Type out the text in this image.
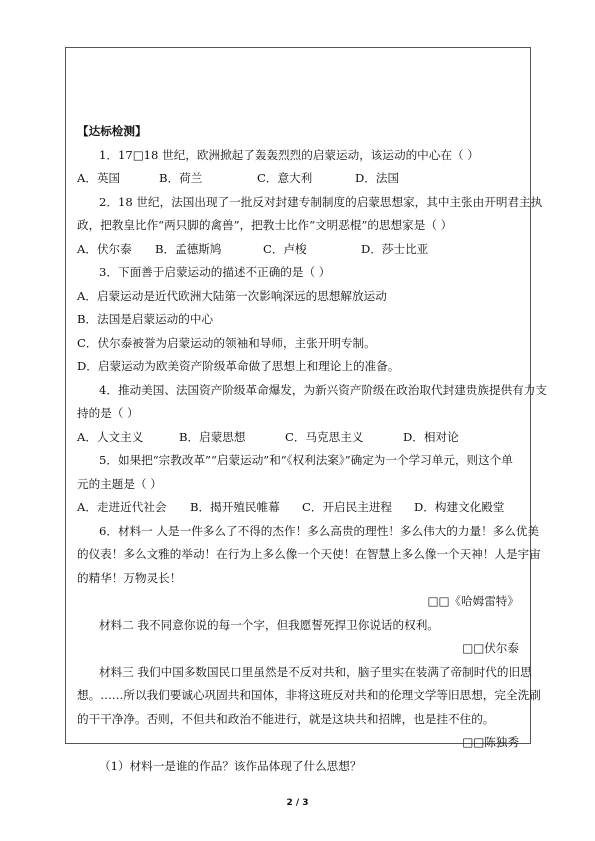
【达标检测】

1．17□18 世纪，欧洲掀起了轰轰烈烈的启蒙运动，该运动的中心在（ ）

A．英国	B．荷兰	C．意大利	D．法国

2．18 世纪，法国出现了一批反对封建专制制度的启蒙思想家，其中主张由开明君主执

政，把教皇比作“两只脚的禽兽”，把教士比作“文明恶棍”的思想家是（ ）

A．伏尔泰 B．孟德斯鸠	C．卢梭	D．莎士比亚

3．下面善于启蒙运动的描述不正确的是（ ）

A．启蒙运动是近代欧洲大陆第一次影响深远的思想解放运动

B．法国是启蒙运动的中心

C．伏尔泰被誉为启蒙运动的领袖和导师，主张开明专制。

D．启蒙运动为欧美资产阶级革命做了思想上和理论上的准备。

4．推动美国、法国资产阶级革命爆发，为新兴资产阶级在政治取代封建贵族提供有力支

持的是（ ）

A．人文主义	B．启蒙思想	C．马克思主义	D．相对论

5．如果把“宗教改革”“启蒙运动”和“《权利法案》”确定为一个学习单元，则这个单

元的主题是（ ）

A．走进近代社会 B．揭开殖民帷幕 C．开启民主进程 D．构建文化殿堂

6．材料一 人是一件多么了不得的杰作！多么高贵的理性！多么伟大的力量！多么优美

的仪表！多么文雅的举动！在行为上多么像一个天使！在智慧上多么像一个天神！人是宇宙

的精华！万物灵长！

□□《哈姆雷特》

材料二 我不同意你说的每一个字，但我愿誓死捍卫你说话的权利。

□□伏尔泰

材料三 我们中国多数国民口里虽然是不反对共和，脑子里实在装满了帝制时代的旧思

想。……所以我们要诚心巩固共和国体，非将这班反对共和的伦理文学等旧思想，完全洗刷

的干干净净。否则，不但共和政治不能进行，就是这块共和招牌，也是挂不住的。

□□陈独秀

（1）材料一是谁的作品？该作品体现了什么思想？

2 / 3
